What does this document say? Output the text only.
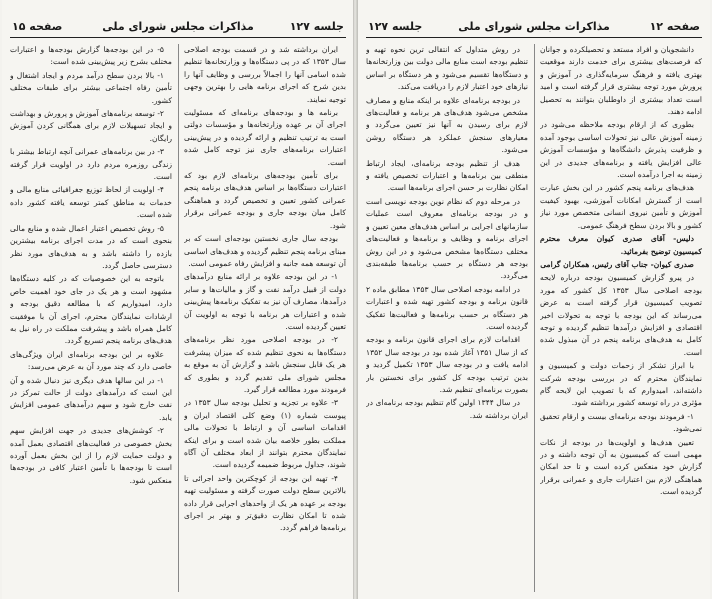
جلسه ۱۲۷
مذاکرات مجلس شورای ملی
صفحه ۱۵

ایران برداشته شد و در قسمت بودجه اصلاحی سال ۱۳۵۳ که در پی دستگاه‌ها و وزارتخانه‌ها تنظیم شده اسامی آنها را اجمالاً بررسی و وظایف آنها را بدین شرح که اجرای برنامه هایی را بهترین وجهی توجیه نمایند.

برنامه ها و بودجه‌های برنامه‌ای که مسئولیت اجرای آن بر عهده وزارتخانه‌ها و مؤسسات دولتی است به ترتیب تنظیم و ارائه گردیده و در پیش‌بینی اعتبارات برنامه‌های جاری نیز توجه کامل شده است.

برای تأمین بودجه‌های برنامه‌ای لازم بود که اعتبارات دستگاه‌ها بر اساس هدف‌های برنامه پنجم عمرانی کشور تعیین و تخصیص گردد و هماهنگی کامل میان بودجه جاری و بودجه عمرانی برقرار شود.

بودجه سال جاری نخستین بودجه‌ای است که بر مبنای برنامه پنجم تنظیم گردیده و هدف‌های اساسی آن توسعه همه جانبه و افزایش رفاه عمومی است.

۱- در این بودجه علاوه بر ارائه منابع درآمدهای دولت از قبیل درآمد نفت و گاز و مالیات‌ها و سایر درآمدها، مصارف آن نیز به تفکیک برنامه‌ها پیش‌بینی شده و اعتبارات هر برنامه با توجه به اولویت آن تعیین گردیده است.

۲- در بودجه اصلاحی مورد نظر برنامه‌های دستگاه‌ها به نحوی تنظیم شده که میزان پیشرفت هر یک قابل سنجش باشد و گزارش آن به موقع به مجلس شورای ملی تقدیم گردد و بطوری که فرمودند مورد مطالعه قرار گیرد.

۳- علاوه بر تجزیه و تحلیل بودجه سال ۱۳۵۳ در پیوست شماره (۱) وضع کلی اقتصاد ایران و اقدامات اساسی آن و ارتباط با تحولات مالی مملکت بطور خلاصه بیان شده است و برای اینکه نمایندگان محترم بتوانند از ابعاد مختلف آن آگاه شوند، جداول مربوط ضمیمه گردیده است.

۴- تهیه این بودجه از کوچکترین واحد اجرائی تا بالاترین سطح دولت صورت گرفته و مسئولیت تهیه بودجه بر عهده هر یک از واحدهای اجرایی قرار داده شده تا امکان نظارت دقیق‌تر و بهتر بر اجرای برنامه‌ها فراهم گردد.

۵- در این بودجه‌ها گزارش بودجه‌ها و اعتبارات مختلف بشرح زیر پیش‌بینی شده است:

۱- بالا بردن سطح درآمد مردم و ایجاد اشتغال و تأمین رفاه اجتماعی بیشتر برای طبقات مختلف کشور.

۲- توسعه برنامه‌های آموزش و پرورش و بهداشت و ایجاد تسهیلات لازم برای همگانی کردن آموزش رایگان.

۳- در بین برنامه‌های عمرانی آنچه ارتباط بیشتر با زندگی روزمره مردم دارد در اولویت قرار گرفته است.

۴- اولویت از لحاظ توزیع جغرافیائی منابع مالی و خدمات به مناطق کمتر توسعه یافته کشور داده شده است.

۵- روش تخصیص اعتبار اعمال شده و منابع مالی بنحوی است که در مدت اجرای برنامه بیشترین بازده را داشته باشد و به هدف‌های مورد نظر دسترسی حاصل گردد.

باتوجه به این خصوصیات که در کلیه دستگاه‌ها مشهود است و هر یک در جای خود اهمیت خاص دارد، امیدواریم که با مطالعه دقیق بودجه و ارشادات نمایندگان محترم، اجرای آن با موفقیت کامل همراه باشد و پیشرفت مملکت در راه نیل به هدف‌های برنامه پنجم تسریع گردد.

علاوه بر این بودجه برنامه‌ای ایران ویژگی‌های خاصی دارد که چند مورد آن به عرض می‌رسد:

۱- در این سالها هدف دیگری نیز دنبال شده و آن این است که درآمدهای دولت از حالت تمرکز در نفت خارج شود و سهم درآمدهای عمومی افزایش یابد.

۲- کوشش‌های جدیدی در جهت افزایش سهم بخش خصوصی در فعالیت‌های اقتصادی بعمل آمده و دولت حمایت لازم را از این بخش بعمل آورده است تا بودجه‌ها با تأمین اعتبار کافی در بودجه‌ها منعکس شود.

صفحه ۱۲
مذاکرات مجلس شورای ملی
جلسه ۱۲۷

دانشجویان و افراد مستعد و تحصیلکرده و جوانان که فرصت‌های بیشتری برای خدمت دارند موقعیت بهتری یافته و فرهنگ سرمایه‌گذاری در آموزش و پرورش مورد توجه بیشتری قرار گرفته است و امید است تعداد بیشتری از داوطلبان بتوانند به تحصیل ادامه دهند.

بطوری که از ارقام بودجه ملاحظه می‌شود در زمینه آموزش عالی نیز تحولات اساسی بوجود آمده و ظرفیت پذیرش دانشگاه‌ها و مؤسسات آموزش عالی افزایش یافته و برنامه‌های جدیدی در این زمینه به اجرا درآمده است.

هدف‌های برنامه پنجم کشور در این بخش عبارت است از گسترش امکانات آموزشی، بهبود کیفیت آموزش و تأمین نیروی انسانی متخصص مورد نیاز کشور و بالا بردن سطح فرهنگ عمومی.

دلیس- آقای صدری کیوان معرف محترم کمیسیون توضیح بفرمائید.

صدری کیوان- جناب آقای رئیس، همکاران گرامی

در پیرو گزارش کمیسیون بودجه درباره لایحه بودجه اصلاحی سال ۱۳۵۳ کل کشور که مورد تصویب کمیسیون قرار گرفته است به عرض می‌رساند که این بودجه با توجه به تحولات اخیر اقتصادی و افزایش درآمدها تنظیم گردیده و توجه کامل به هدف‌های برنامه پنجم در آن مبذول شده است.

با ابراز تشکر از زحمات دولت و کمیسیون و نمایندگان محترم که در بررسی بودجه شرکت داشته‌اند، امیدوارم که با تصویب این لایحه گام مؤثری در راه توسعه کشور برداشته شود.

۱- فرمودند بودجه برنامه‌ای بیست و ارقام تحقیق نمی‌شود.

تعیین هدف‌ها و اولویت‌ها در بودجه از نکات مهمی است که کمیسیون به آن توجه داشته و در گزارش خود منعکس کرده است و تا حد امکان هماهنگی لازم بین اعتبارات جاری و عمرانی برقرار گردیده است.

در روش متداول که انتقالی ترین نحوه تهیه و تنظیم بودجه است منابع مالی دولت بین وزارتخانه‌ها و دستگاه‌ها تقسیم می‌شود و هر دستگاه بر اساس نیازهای خود اعتبار لازم را دریافت می‌کند.

در بودجه برنامه‌ای علاوه بر اینکه منابع و مصارف مشخص می‌شود هدف‌های هر برنامه و فعالیت‌های لازم برای رسیدن به آنها نیز تعیین می‌گردد و معیارهای سنجش عملکرد هر دستگاه روشن می‌شود.

هدف از تنظیم بودجه برنامه‌ای، ایجاد ارتباط منطقی بین برنامه‌ها و اعتبارات تخصیص یافته و امکان نظارت بر حسن اجرای برنامه‌ها است.

در مرحله دوم که نظام نوین بودجه نویسی است و در بودجه برنامه‌ای معروف است عملیات سازمانهای اجرایی بر اساس هدف‌های معین تعیین و اجرای برنامه و وظایف و برنامه‌ها و فعالیت‌های مختلف دستگاه‌ها مشخص می‌شود و در این روش بودجه هر دستگاه بر حسب برنامه‌ها طبقه‌بندی می‌گردد.

در ادامه بودجه اصلاحی سال ۱۳۵۳ مطابق ماده ۲ قانون برنامه و بودجه کشور تهیه شده و اعتبارات هر دستگاه بر حسب برنامه‌ها و فعالیت‌ها تفکیک گردیده است.

اقدامات لازم برای اجرای قانون برنامه و بودجه که از سال ۱۳۵۱ آغاز شده بود در بودجه سال ۱۳۵۲ ادامه یافت و در بودجه سال ۱۳۵۳ تکمیل گردید و بدین ترتیب بودجه کل کشور برای نخستین بار بصورت برنامه‌ای تنظیم شد.

در سال ۱۳۴۴ اولین گام تنظیم بودجه برنامه‌ای در ایران برداشته شد.
